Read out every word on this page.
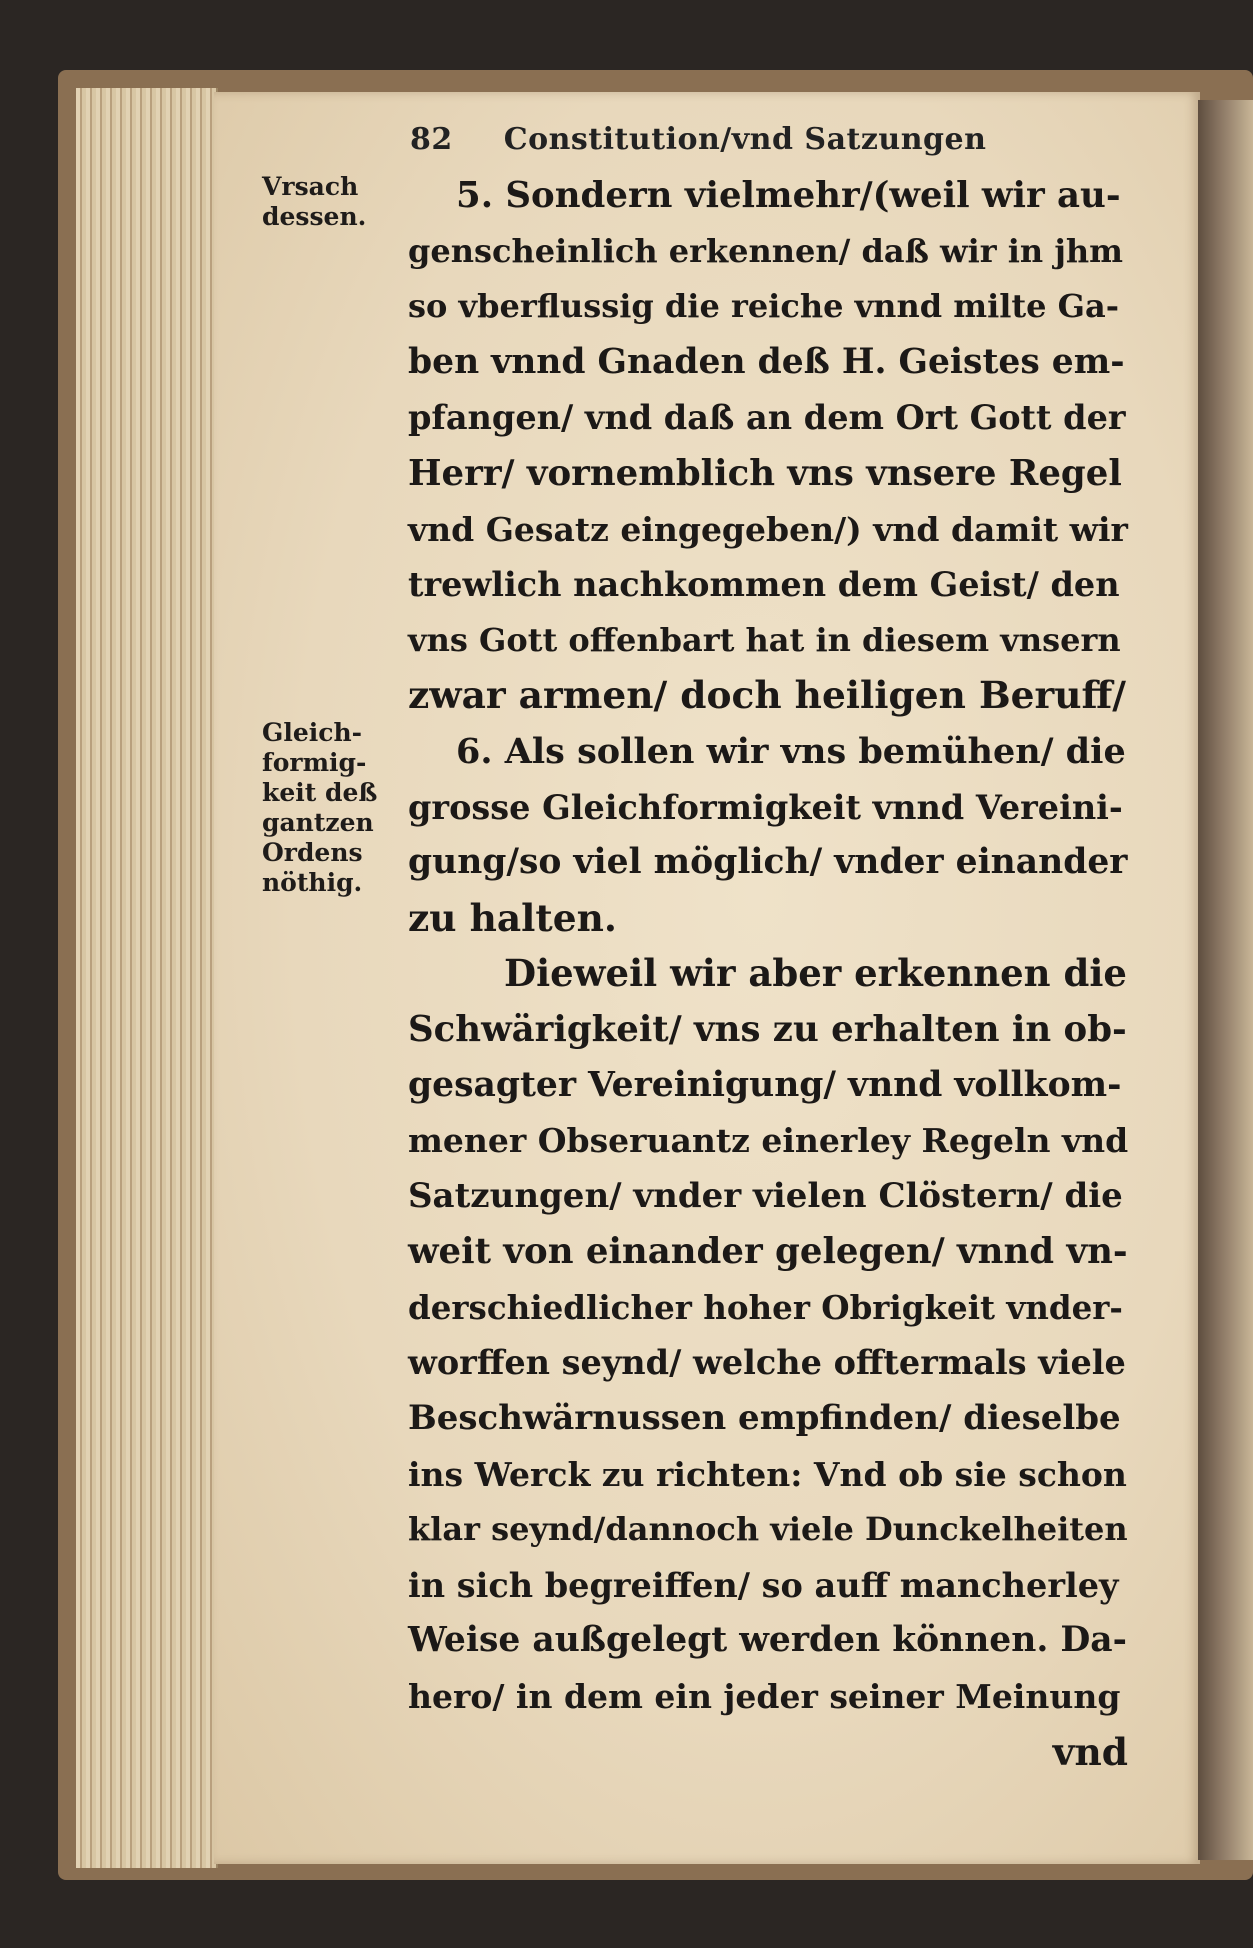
82 Constitution/vnd Satzungen
Vrsach
dessen.
Gleich-
formig-
keit deß
gantzen
Ordens
nöthig.
5. Sondern vielmehr/(weil wir au-
genscheinlich erkennen/ daß wir in jhm
so vberflussig die reiche vnnd milte Ga-
ben vnnd Gnaden deß H. Geistes em-
pfangen/ vnd daß an dem Ort Gott der
Herr/ vornemblich vns vnsere Regel
vnd Gesatz eingegeben/) vnd damit wir
trewlich nachkommen dem Geist/ den
vns Gott offenbart hat in diesem vnsern
zwar armen/ doch heiligen Beruff/
6. Als sollen wir vns bemühen/ die
grosse Gleichformigkeit vnnd Vereini-
gung/so viel möglich/ vnder einander
zu halten.
Dieweil wir aber erkennen die
Schwärigkeit/ vns zu erhalten in ob-
gesagter Vereinigung/ vnnd vollkom-
mener Obseruantz einerley Regeln vnd
Satzungen/ vnder vielen Clöstern/ die
weit von einander gelegen/ vnnd vn-
derschiedlicher hoher Obrigkeit vnder-
worffen seynd/ welche offtermals viele
Beschwärnussen empfinden/ dieselbe
ins Werck zu richten: Vnd ob sie schon
klar seynd/dannoch viele Dunckelheiten
in sich begreiffen/ so auff mancherley
Weise außgelegt werden können. Da-
hero/ in dem ein jeder seiner Meinung
vnd
